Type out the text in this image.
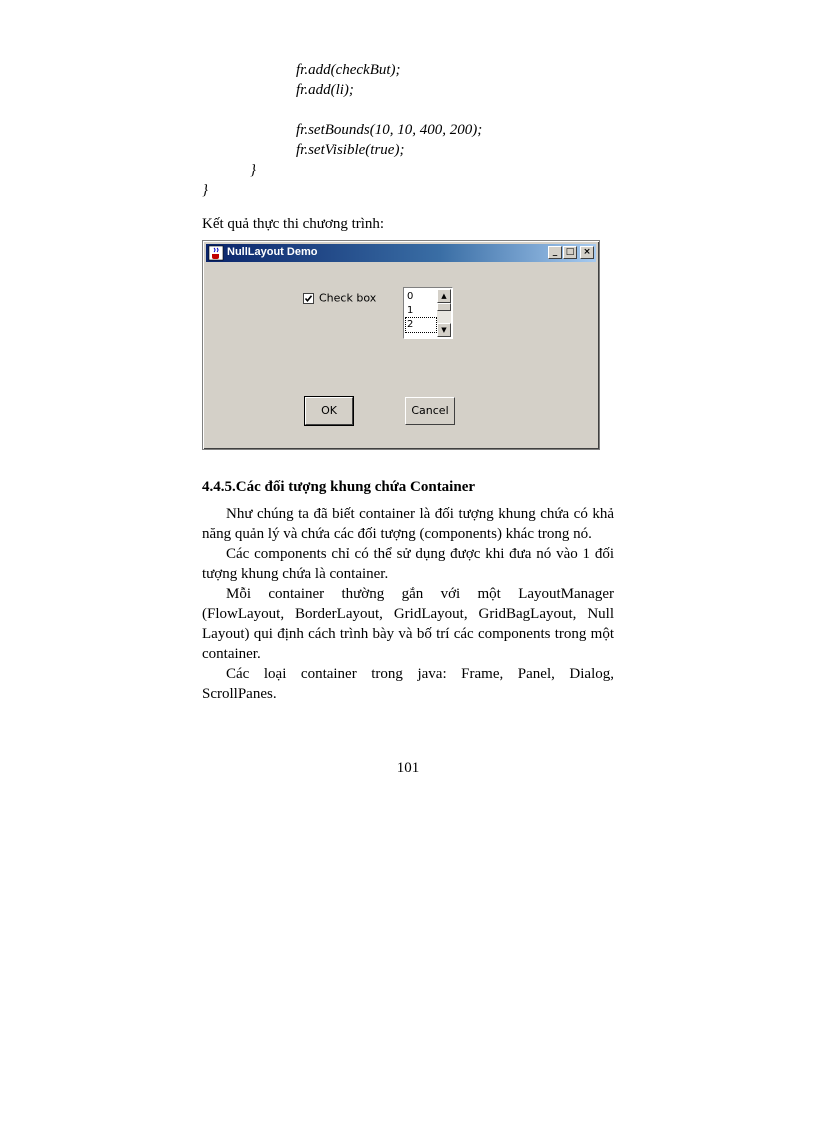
fr.add(checkBut);
fr.add(li);
fr.setBounds(10, 10, 400, 200);
fr.setVisible(true);
}
}
Kết quả thực thi chương trình:
NullLayout Demo	_ □ ×
Check box	0
1
2
▲
▼
OK	Cancel
4.4.5.Các đối tượng khung chứa Container

Như chúng ta đã biết container là đối tượng khung chứa có khả năng quản lý và chứa các đối tượng (components) khác trong nó.

Các components chỉ có thể sử dụng được khi đưa nó vào 1 đối tượng khung chứa là container.

Mỗi container thường gắn với một LayoutManager (FlowLayout, BorderLayout, GridLayout, GridBagLayout, Null Layout) qui định cách trình bày và bố trí các components trong một container.

Các loại container trong java: Frame, Panel, Dialog, ScrollPanes.

101
